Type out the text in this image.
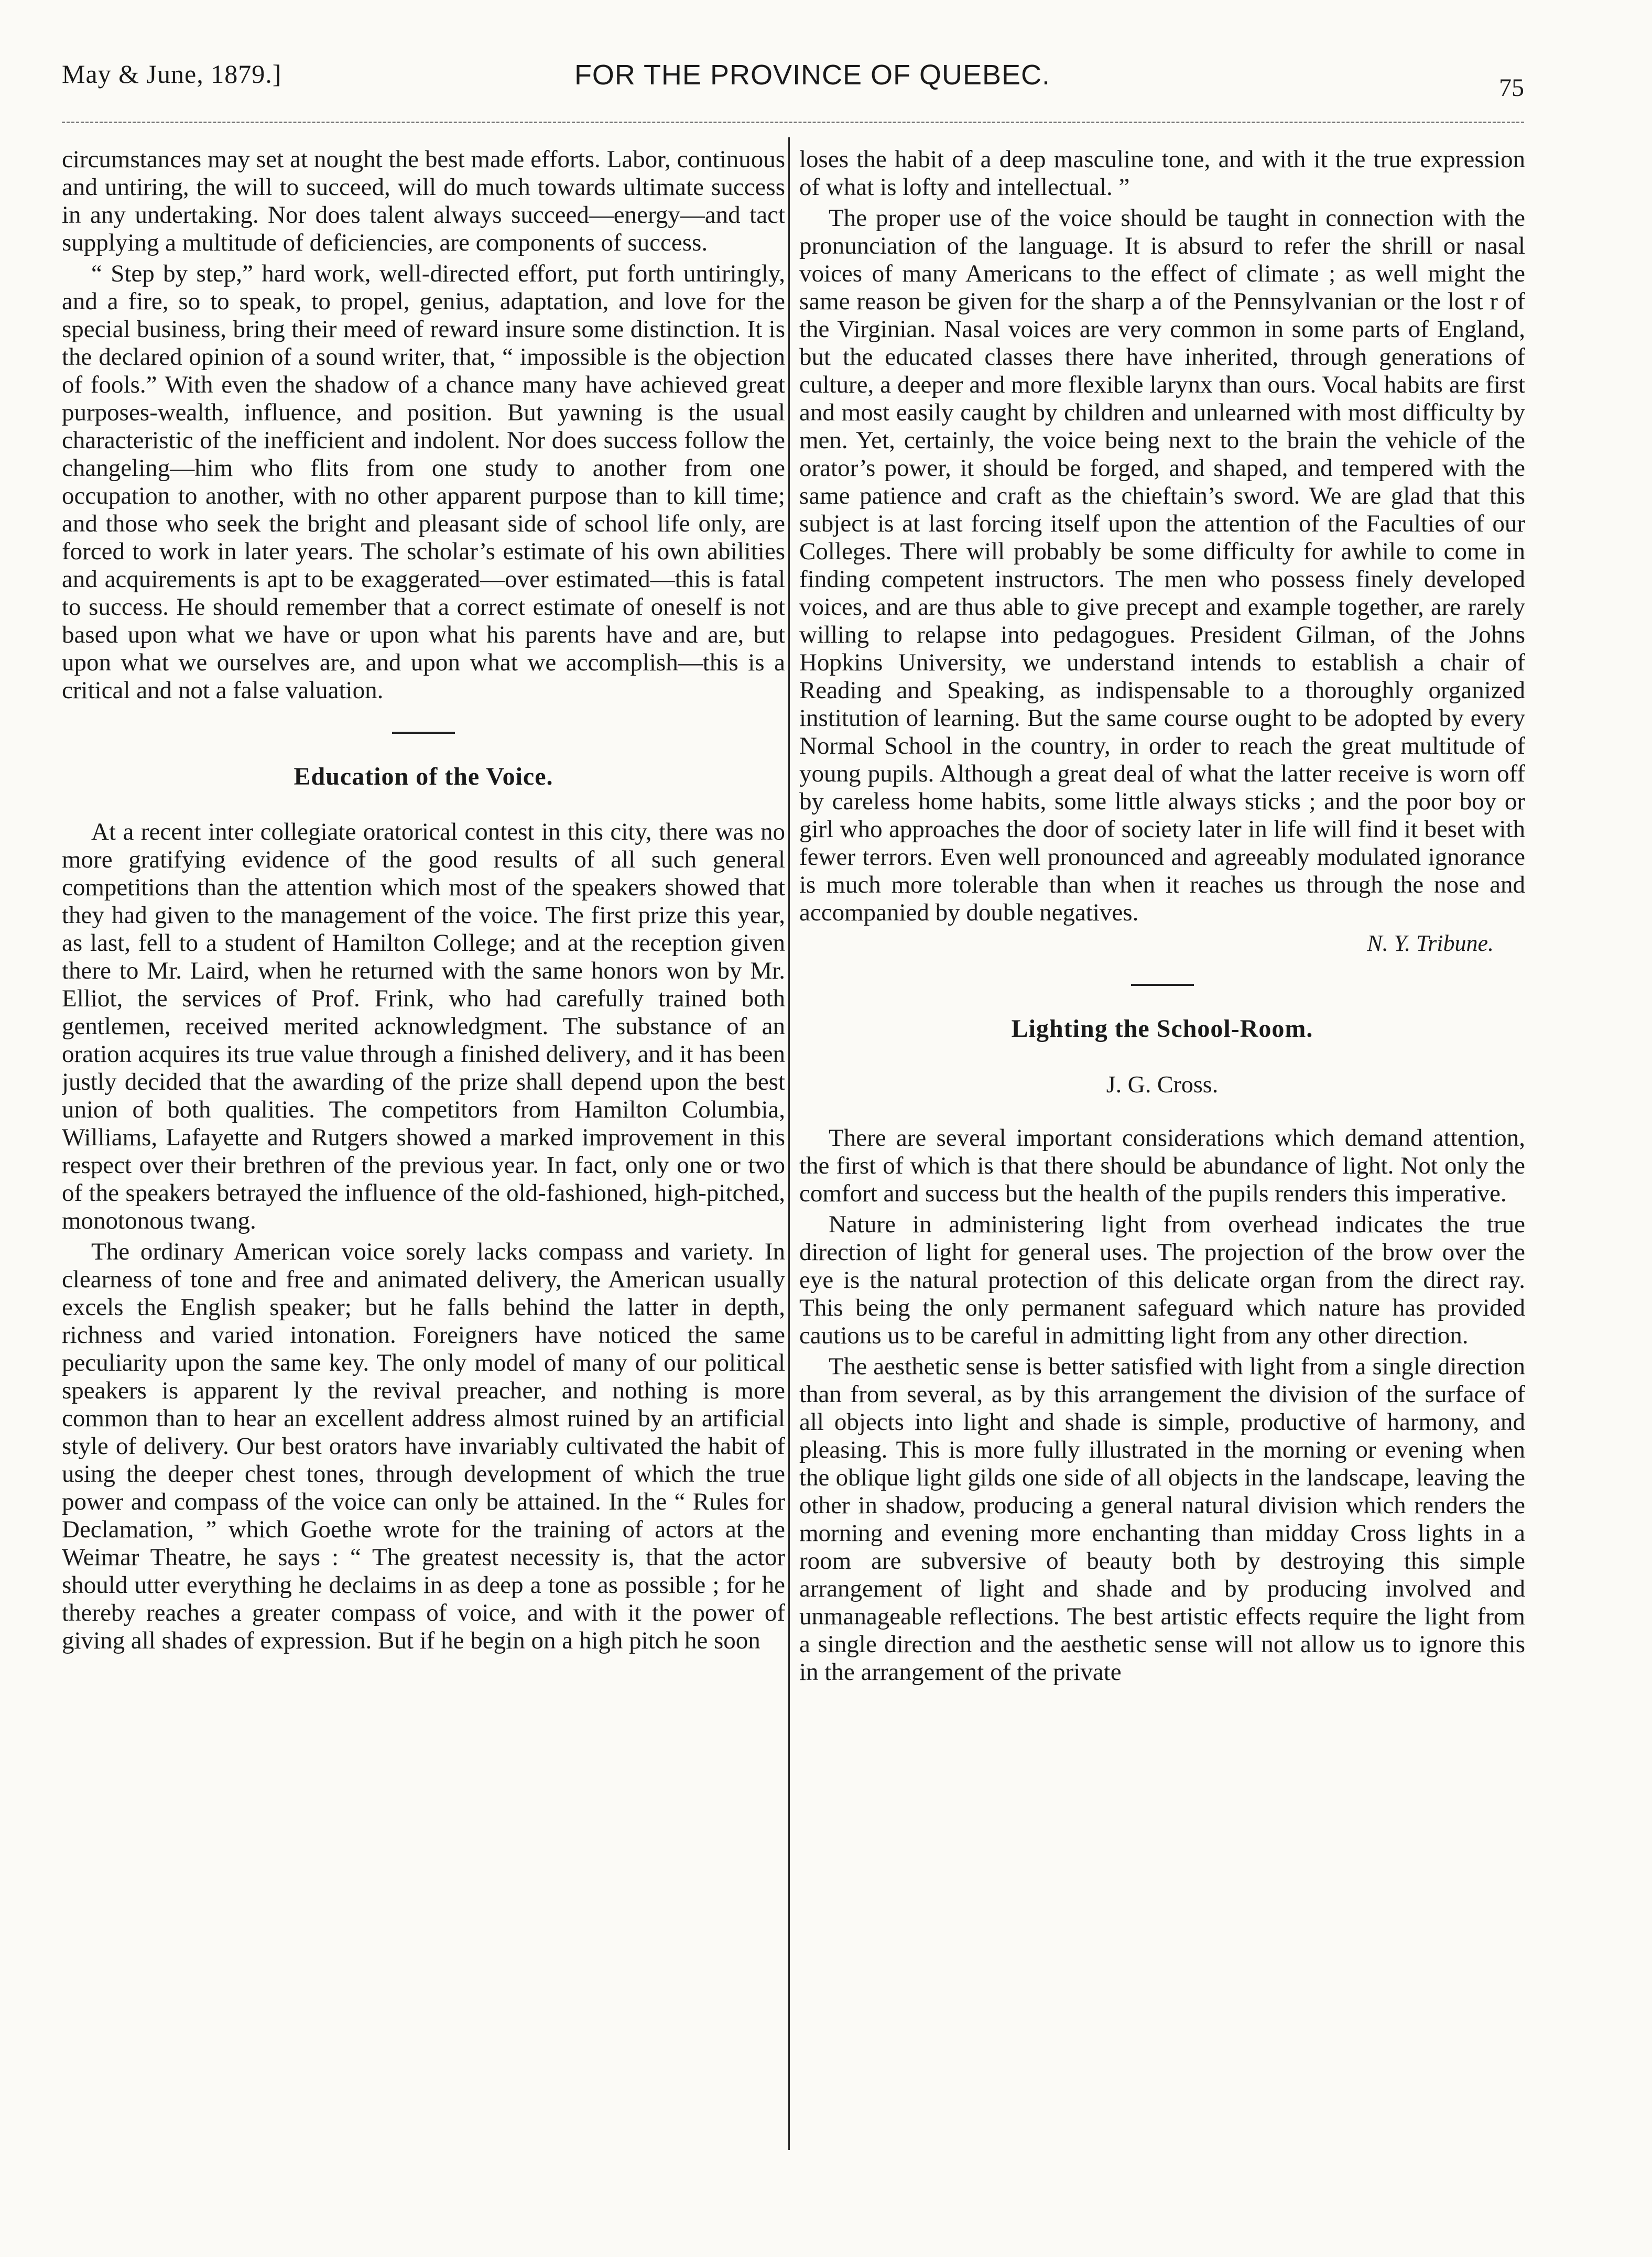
May & June, 1879.]	FOR THE PROVINCE OF QUEBEC.	75

circumstances may set at nought the best made efforts. Labor, continuous and untiring, the will to succeed, will do much towards ultimate success in any undertaking. Nor does talent always succeed—energy—and tact supplying a multitude of deficiencies, are components of success.

“ Step by step,” hard work, well-directed effort, put forth untiringly, and a fire, so to speak, to propel, genius, adaptation, and love for the special business, bring their meed of reward insure some distinction. It is the declared opinion of a sound writer, that, “ impossible is the objection of fools.” With even the shadow of a chance many have achieved great purposes-wealth, influence, and position. But yawning is the usual characteristic of the inefficient and indolent. Nor does success follow the changeling—him who flits from one study to another from one occupation to another, with no other apparent purpose than to kill time; and those who seek the bright and pleasant side of school life only, are forced to work in later years. The scholar’s estimate of his own abilities and acquirements is apt to be exaggerated—over estimated—this is fatal to success. He should remember that a correct estimate of oneself is not based upon what we have or upon what his parents have and are, but upon what we ourselves are, and upon what we accomplish—this is a critical and not a false valuation.

Education of the Voice.

At a recent inter collegiate oratorical contest in this city, there was no more gratifying evidence of the good results of all such general competitions than the attention which most of the speakers showed that they had given to the management of the voice. The first prize this year, as last, fell to a student of Hamilton College; and at the reception given there to Mr. Laird, when he returned with the same honors won by Mr. Elliot, the services of Prof. Frink, who had carefully trained both gentlemen, received merited acknowledgment. The substance of an oration acquires its true value through a finished delivery, and it has been justly decided that the awarding of the prize shall depend upon the best union of both qualities. The competitors from Hamilton Columbia, Williams, Lafayette and Rutgers showed a marked improvement in this respect over their brethren of the previous year. In fact, only one or two of the speakers betrayed the influence of the old-fashioned, high-pitched, monotonous twang.

The ordinary American voice sorely lacks compass and variety. In clearness of tone and free and animated delivery, the American usually excels the English speaker; but he falls behind the latter in depth, richness and varied intonation. Foreigners have noticed the same peculiarity upon the same key. The only model of many of our political speakers is apparent ly the revival preacher, and nothing is more common than to hear an excellent address almost ruined by an artificial style of delivery. Our best orators have invariably cultivated the habit of using the deeper chest tones, through development of which the true power and compass of the voice can only be attained. In the “ Rules for Declamation, ” which Goethe wrote for the training of actors at the Weimar Theatre, he says : “ The greatest necessity is, that the actor should utter everything he declaims in as deep a tone as possible ; for he thereby reaches a greater compass of voice, and with it the power of giving all shades of expression. But if he begin on a high pitch he soon

loses the habit of a deep masculine tone, and with it the true expression of what is lofty and intellectual. ”

The proper use of the voice should be taught in connection with the pronunciation of the language. It is absurd to refer the shrill or nasal voices of many Americans to the effect of climate ; as well might the same reason be given for the sharp a of the Pennsylvanian or the lost r of the Virginian. Nasal voices are very common in some parts of England, but the educated classes there have inherited, through generations of culture, a deeper and more flexible larynx than ours. Vocal habits are first and most easily caught by children and unlearned with most difficulty by men. Yet, certainly, the voice being next to the brain the vehicle of the orator’s power, it should be forged, and shaped, and tempered with the same patience and craft as the chieftain’s sword. We are glad that this subject is at last forcing itself upon the attention of the Faculties of our Colleges. There will probably be some difficulty for awhile to come in finding competent instructors. The men who possess finely developed voices, and are thus able to give precept and example together, are rarely willing to relapse into pedagogues. President Gilman, of the Johns Hopkins University, we understand intends to establish a chair of Reading and Speaking, as indispensable to a thoroughly organized institution of learning. But the same course ought to be adopted by every Normal School in the country, in order to reach the great multitude of young pupils. Although a great deal of what the latter receive is worn off by careless home habits, some little always sticks ; and the poor boy or girl who approaches the door of society later in life will find it beset with fewer terrors. Even well pronounced and agreeably modulated ignorance is much more tolerable than when it reaches us through the nose and accompanied by double negatives.

N. Y. Tribune.
Lighting the School-Room.
J. G. Cross.

There are several important considerations which demand attention, the first of which is that there should be abundance of light. Not only the comfort and success but the health of the pupils renders this imperative.

Nature in administering light from overhead indicates the true direction of light for general uses. The projection of the brow over the eye is the natural protection of this delicate organ from the direct ray. This being the only permanent safeguard which nature has provided cautions us to be careful in admitting light from any other direction.

The aesthetic sense is better satisfied with light from a single direction than from several, as by this arrangement the division of the surface of all objects into light and shade is simple, productive of harmony, and pleasing. This is more fully illustrated in the morning or evening when the oblique light gilds one side of all objects in the landscape, leaving the other in shadow, producing a general natural division which renders the morning and evening more enchanting than midday Cross lights in a room are subversive of beauty both by destroying this simple arrangement of light and shade and by producing involved and unmanageable reflections. The best artistic effects require the light from a single direction and the aesthetic sense will not allow us to ignore this in the arrangement of the private
